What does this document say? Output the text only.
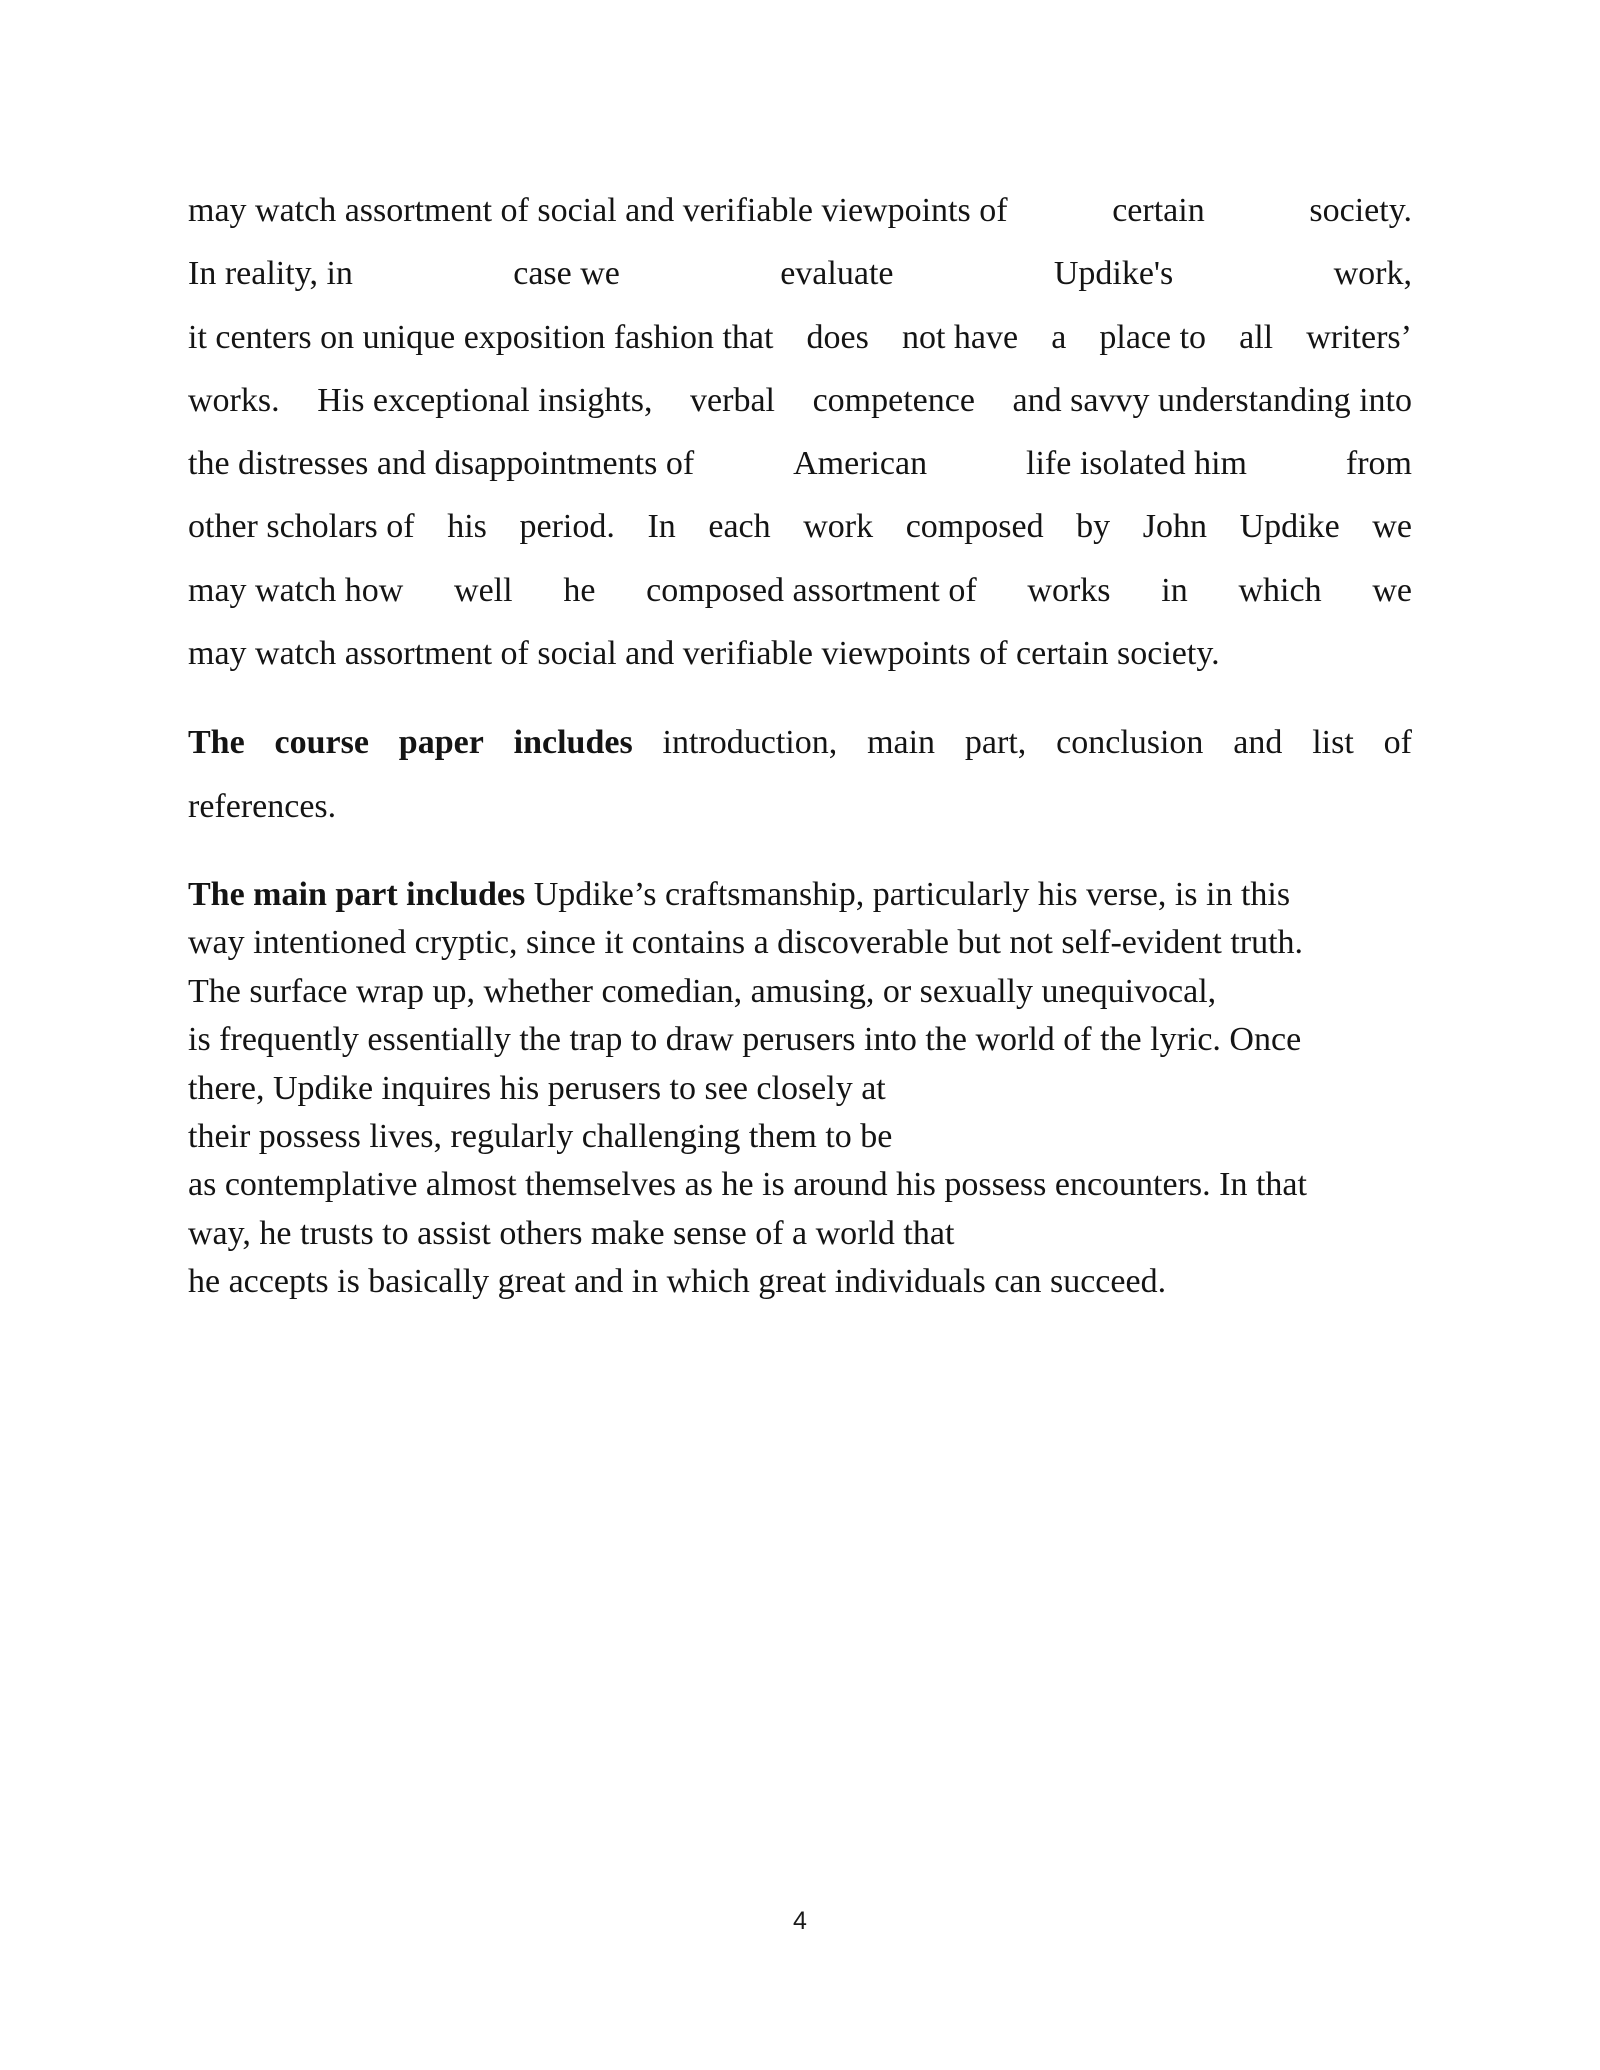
may watch assortment of social and verifiable viewpoints of	certain	society.
In reality, in	case we	evaluate	Updike's	work,
it centers on unique exposition fashion that does not have a place to all writers’
works. His exceptional insights, verbal competence and savvy understanding into
the distresses and disappointments of	American	life isolated him	from
other scholars of his period. In each work composed by John Updike we
may watch how well he composed assortment of works in which we
may watch assortment of social and verifiable viewpoints of certain society.
The course paper includes introduction, main part, conclusion and list of
references.
The main part includes Updike’s craftsmanship, particularly his verse, is in this
way intentioned cryptic, since it contains a discoverable but not self-evident truth.
The surface wrap up, whether comedian, amusing, or sexually unequivocal,
is frequently essentially the trap to draw perusers into the world of the lyric. Once
there, Updike inquires his perusers to see closely at
their possess lives, regularly challenging them to be
as contemplative almost themselves as he is around his possess encounters. In that
way, he trusts to assist others make sense of a world that
he accepts is basically great and in which great individuals can succeed.
4
